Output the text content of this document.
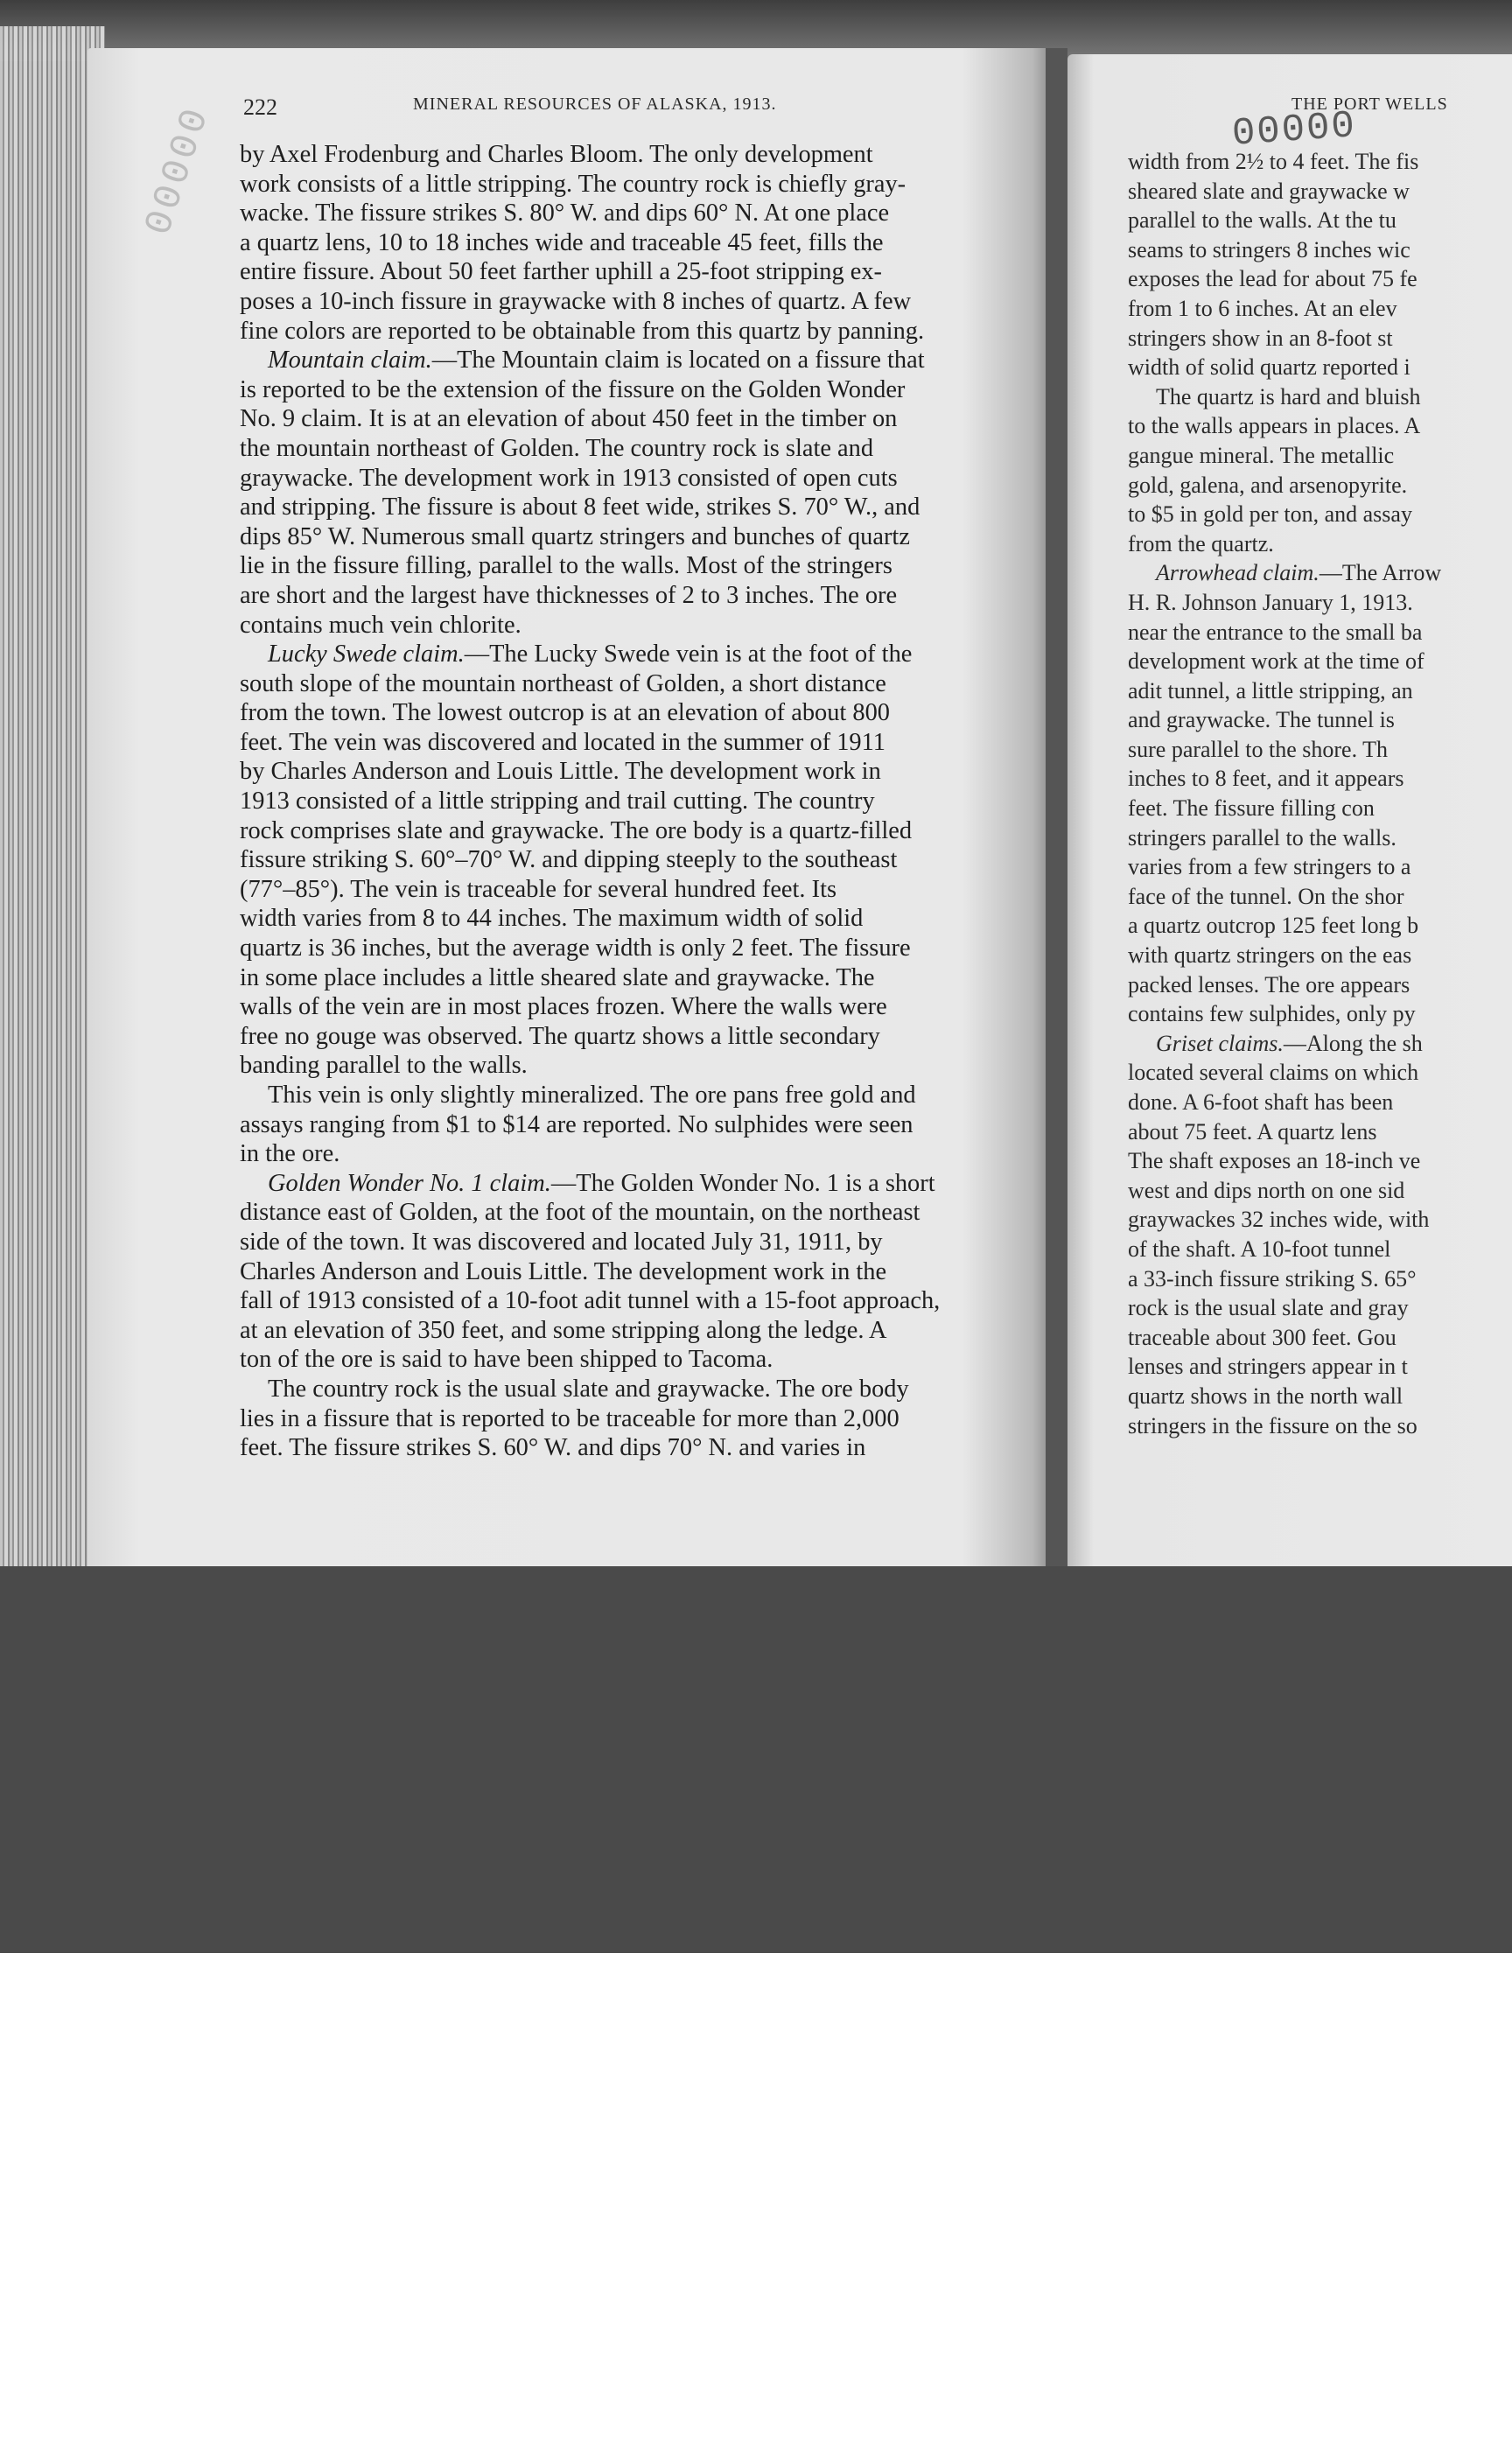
00000 222	MINERAL RESOURCES OF ALASKA, 1913.
by Axel Frodenburg and Charles Bloom. The only development
work consists of a little stripping. The country rock is chiefly gray-
wacke. The fissure strikes S. 80° W. and dips 60° N. At one place
a quartz lens, 10 to 18 inches wide and traceable 45 feet, fills the
entire fissure. About 50 feet farther uphill a 25-foot stripping ex-
poses a 10-inch fissure in graywacke with 8 inches of quartz. A few
fine colors are reported to be obtainable from this quartz by panning.
Mountain claim.—The Mountain claim is located on a fissure that
is reported to be the extension of the fissure on the Golden Wonder
No. 9 claim. It is at an elevation of about 450 feet in the timber on
the mountain northeast of Golden. The country rock is slate and
graywacke. The development work in 1913 consisted of open cuts
and stripping. The fissure is about 8 feet wide, strikes S. 70° W., and
dips 85° W. Numerous small quartz stringers and bunches of quartz
lie in the fissure filling, parallel to the walls. Most of the stringers
are short and the largest have thicknesses of 2 to 3 inches. The ore
contains much vein chlorite.
Lucky Swede claim.—The Lucky Swede vein is at the foot of the
south slope of the mountain northeast of Golden, a short distance
from the town. The lowest outcrop is at an elevation of about 800
feet. The vein was discovered and located in the summer of 1911
by Charles Anderson and Louis Little. The development work in
1913 consisted of a little stripping and trail cutting. The country
rock comprises slate and graywacke. The ore body is a quartz-filled
fissure striking S. 60°–70° W. and dipping steeply to the southeast
(77°–85°). The vein is traceable for several hundred feet. Its
width varies from 8 to 44 inches. The maximum width of solid
quartz is 36 inches, but the average width is only 2 feet. The fissure
in some place includes a little sheared slate and graywacke. The
walls of the vein are in most places frozen. Where the walls were
free no gouge was observed. The quartz shows a little secondary
banding parallel to the walls.
This vein is only slightly mineralized. The ore pans free gold and
assays ranging from $1 to $14 are reported. No sulphides were seen
in the ore.
Golden Wonder No. 1 claim.—The Golden Wonder No. 1 is a short
distance east of Golden, at the foot of the mountain, on the northeast
side of the town. It was discovered and located July 31, 1911, by
Charles Anderson and Louis Little. The development work in the
fall of 1913 consisted of a 10-foot adit tunnel with a 15-foot approach,
at an elevation of 350 feet, and some stripping along the ledge. A
ton of the ore is said to have been shipped to Tacoma.
The country rock is the usual slate and graywacke. The ore body
lies in a fissure that is reported to be traceable for more than 2,000
feet. The fissure strikes S. 60° W. and dips 70° N. and varies in
THE PORT WELLS
00000
width from 2½ to 4 feet. The fis
sheared slate and graywacke w
parallel to the walls. At the tu
seams to stringers 8 inches wic
exposes the lead for about 75 fe
from 1 to 6 inches. At an elev
stringers show in an 8-foot st
width of solid quartz reported i
The quartz is hard and bluish
to the walls appears in places. A
gangue mineral. The metallic
gold, galena, and arsenopyrite.
to $5 in gold per ton, and assay
from the quartz.
Arrowhead claim.—The Arrow
H. R. Johnson January 1, 1913.
near the entrance to the small ba
development work at the time of
adit tunnel, a little stripping, an
and graywacke. The tunnel is
sure parallel to the shore. Th
inches to 8 feet, and it appears
feet. The fissure filling con
stringers parallel to the walls.
varies from a few stringers to a
face of the tunnel. On the shor
a quartz outcrop 125 feet long b
with quartz stringers on the eas
packed lenses. The ore appears
contains few sulphides, only py
Griset claims.—Along the sh
located several claims on which
done. A 6-foot shaft has been
about 75 feet. A quartz lens
The shaft exposes an 18-inch ve
west and dips north on one sid
graywackes 32 inches wide, with
of the shaft. A 10-foot tunnel
a 33-inch fissure striking S. 65°
rock is the usual slate and gray
traceable about 300 feet. Gou
lenses and stringers appear in t
quartz shows in the north wall
stringers in the fissure on the so
